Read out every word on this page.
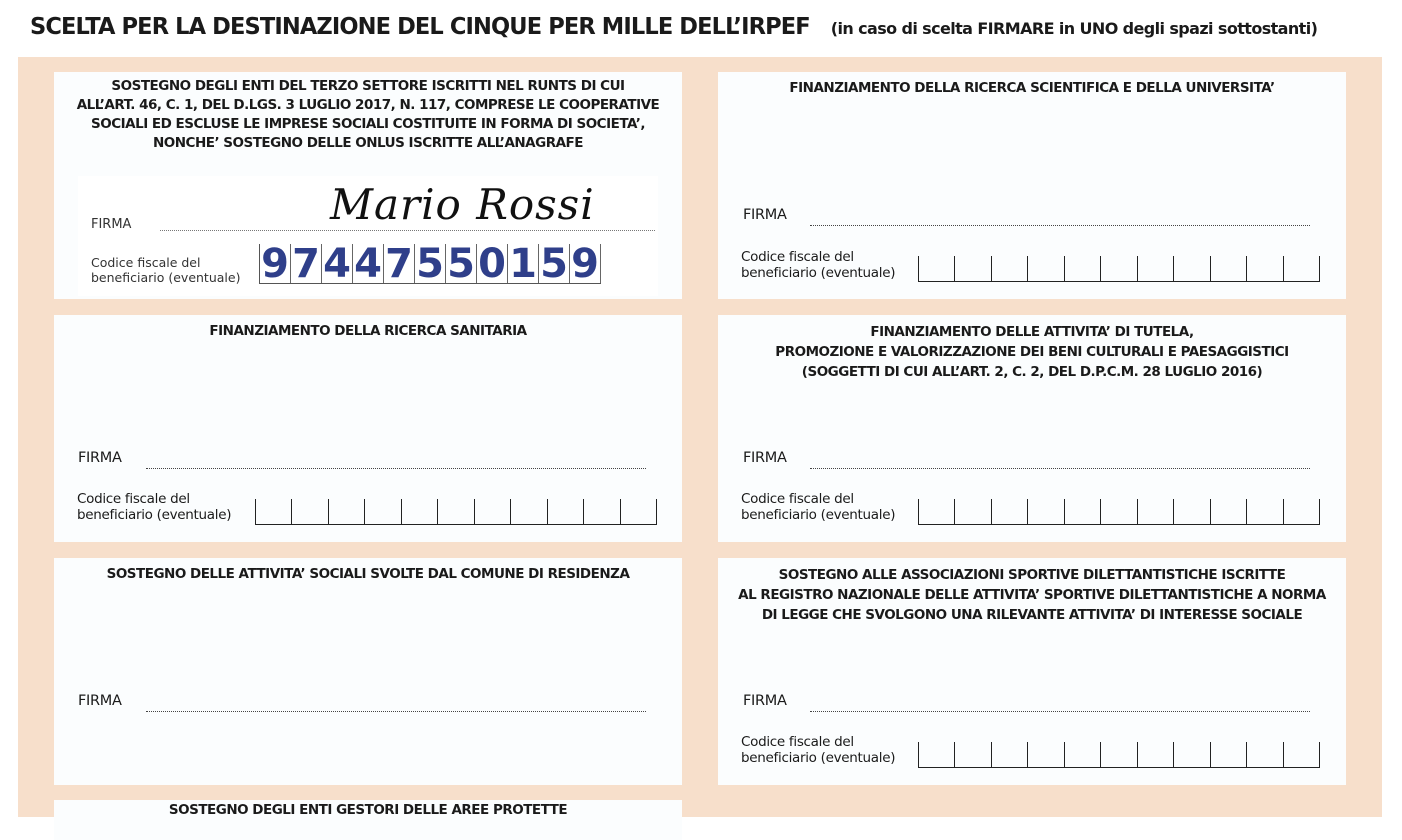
SCELTA PER LA DESTINAZIONE DEL CINQUE PER MILLE DELL’IRPEF (in caso di scelta FIRMARE in UNO degli spazi sottostanti)
SOSTEGNO DEGLI ENTI DEL TERZO SETTORE ISCRITTI NEL RUNTS DI CUI
ALL’ART. 46, C. 1, DEL D.LGS. 3 LUGLIO 2017, N. 117, COMPRESE LE COOPERATIVE
SOCIALI ED ESCLUSE LE IMPRESE SOCIALI COSTITUITE IN FORMA DI SOCIETA’,
NONCHE’ SOSTEGNO DELLE ONLUS ISCRITTE ALL’ANAGRAFE
FIRMA	Mario Rossi
Codice fiscale del
beneficiario (eventuale) 9 7 4 4 7 5 5 0 1 5 9
FINANZIAMENTO DELLA RICERCA SCIENTIFICA E DELLA UNIVERSITA’
FIRMA
Codice fiscale del
beneficiario (eventuale)
FINANZIAMENTO DELLA RICERCA SANITARIA
FIRMA
Codice fiscale del
beneficiario (eventuale)
FINANZIAMENTO DELLE ATTIVITA’ DI TUTELA,
PROMOZIONE E VALORIZZAZIONE DEI BENI CULTURALI E PAESAGGISTICI
(SOGGETTI DI CUI ALL’ART. 2, C. 2, DEL D.P.C.M. 28 LUGLIO 2016)
FIRMA
Codice fiscale del
beneficiario (eventuale)
SOSTEGNO DELLE ATTIVITA’ SOCIALI SVOLTE DAL COMUNE DI RESIDENZA
FIRMA
SOSTEGNO ALLE ASSOCIAZIONI SPORTIVE DILETTANTISTICHE ISCRITTE
AL REGISTRO NAZIONALE DELLE ATTIVITA’ SPORTIVE DILETTANTISTICHE A NORMA
DI LEGGE CHE SVOLGONO UNA RILEVANTE ATTIVITA’ DI INTERESSE SOCIALE
FIRMA
Codice fiscale del
beneficiario (eventuale)
SOSTEGNO DEGLI ENTI GESTORI DELLE AREE PROTETTE
